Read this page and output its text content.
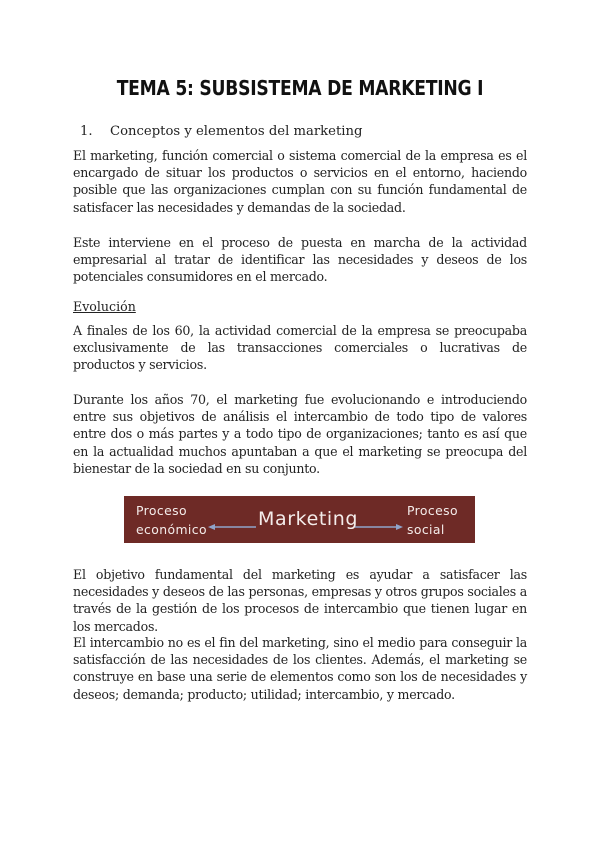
TEMA 5: SUBSISTEMA DE MARKETING I
1. Conceptos y elementos del marketing
El marketing, función comercial o sistema comercial de la empresa es el encargado de situar los productos o servicios en el entorno, haciendo posible que las organizaciones cumplan con su función fundamental de satisfacer las necesidades y demandas de la sociedad.
Este interviene en el proceso de puesta en marcha de la actividad empresarial al tratar de identificar las necesidades y deseos de los potenciales consumidores en el mercado.
Evolución
A finales de los 60, la actividad comercial de la empresa se preocupaba exclusivamente de las transacciones comerciales o lucrativas de productos y servicios.
Durante los años 70, el marketing fue evolucionando e introduciendo entre sus objetivos de análisis el intercambio de todo tipo de valores entre dos o más partes y a todo tipo de organizaciones; tanto es así que en la actualidad muchos apuntaban a que el marketing se preocupa del bienestar de la sociedad en su conjunto.
Proceso
económico	Marketing	Proceso
social
El objetivo fundamental del marketing es ayudar a satisfacer las necesidades y deseos de las personas, empresas y otros grupos sociales a través de la gestión de los procesos de intercambio que tienen lugar en los mercados.
El intercambio no es el fin del marketing, sino el medio para conseguir la satisfacción de las necesidades de los clientes. Además, el marketing se construye en base una serie de elementos como son los de necesidades y deseos; demanda; producto; utilidad; intercambio, y mercado.
